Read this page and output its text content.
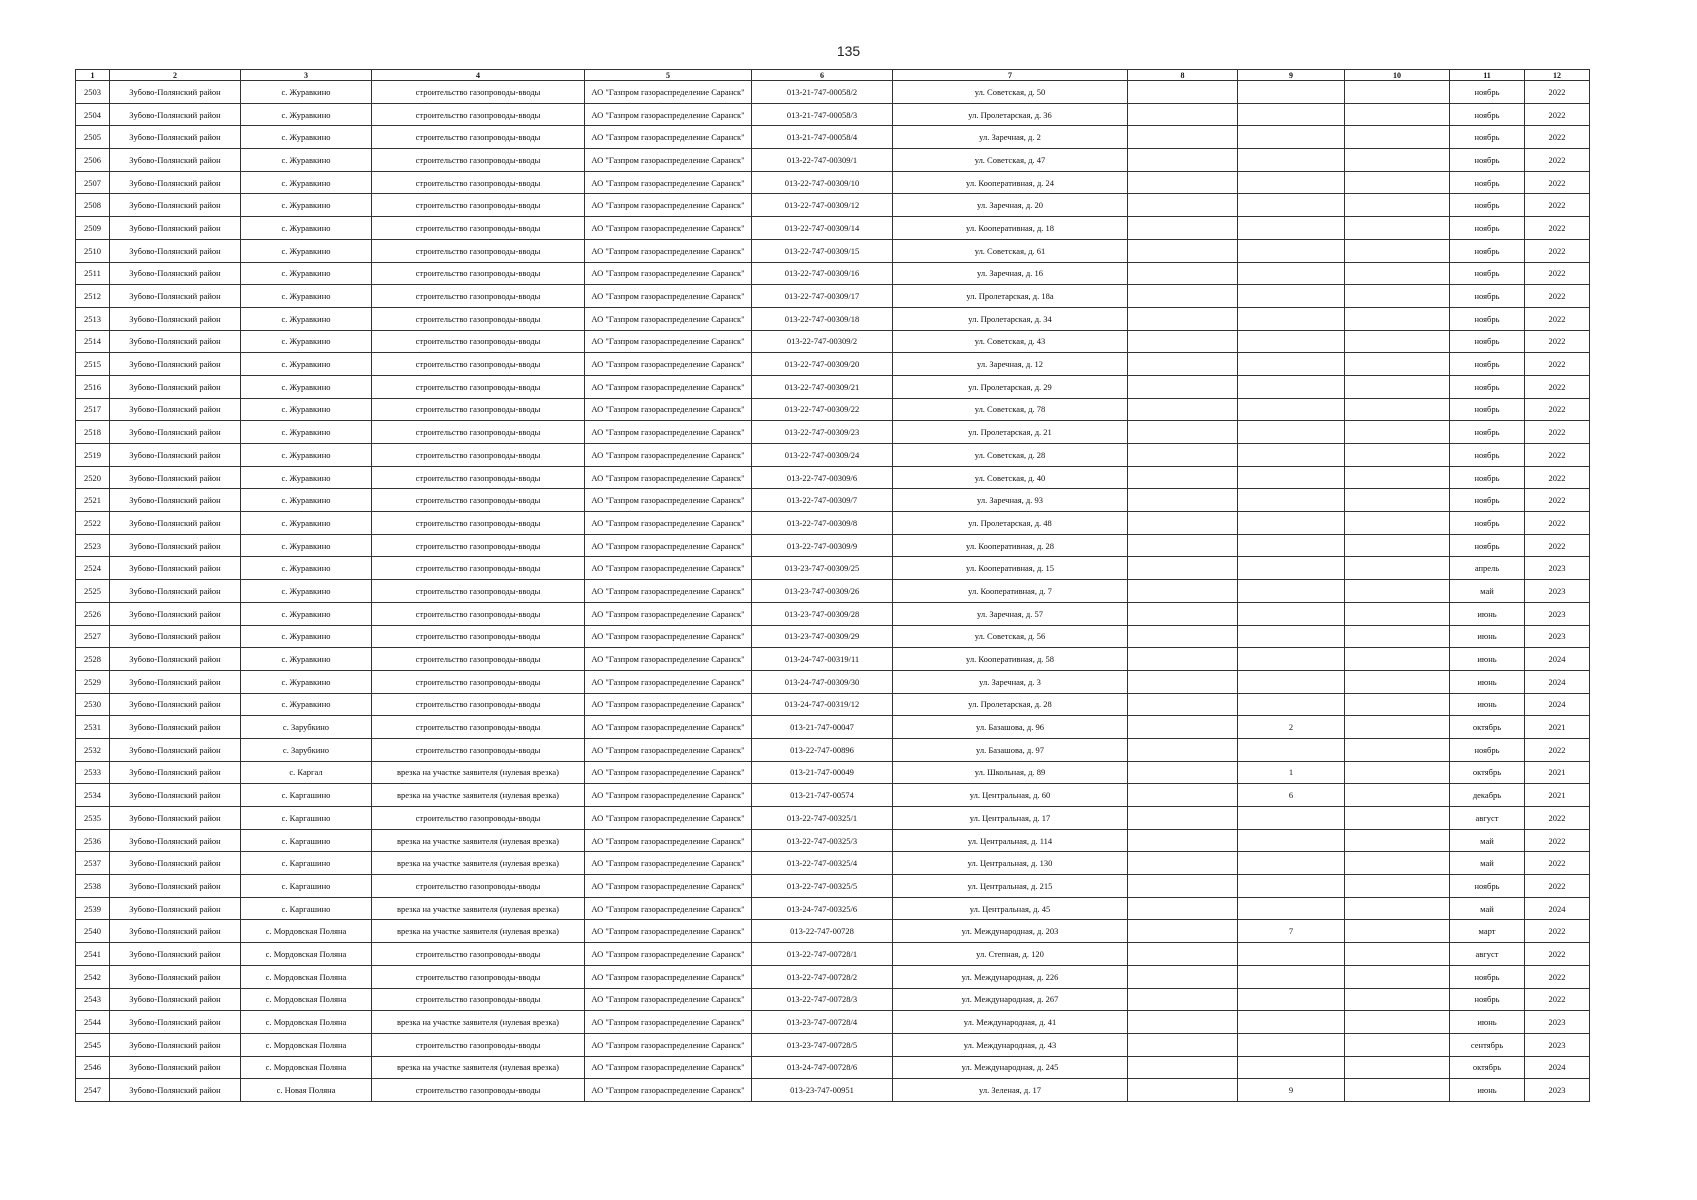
135
1	2	3	4	5	6	7	8	9	10	11	12
2503	Зубово-Полянский район	с. Журавкино	строительство газопроводы-вводы	АО "Газпром газораспределение Саранск"	013-21-747-00058/2	ул. Советская, д. 50				ноябрь	2022
2504	Зубово-Полянский район	с. Журавкино	строительство газопроводы-вводы	АО "Газпром газораспределение Саранск"	013-21-747-00058/3	ул. Пролетарская, д. 36				ноябрь	2022
2505	Зубово-Полянский район	с. Журавкино	строительство газопроводы-вводы	АО "Газпром газораспределение Саранск"	013-21-747-00058/4	ул. Заречная, д. 2				ноябрь	2022
2506	Зубово-Полянский район	с. Журавкино	строительство газопроводы-вводы	АО "Газпром газораспределение Саранск"	013-22-747-00309/1	ул. Советская, д. 47				ноябрь	2022
2507	Зубово-Полянский район	с. Журавкино	строительство газопроводы-вводы	АО "Газпром газораспределение Саранск"	013-22-747-00309/10	ул. Кооперативная, д. 24				ноябрь	2022
2508	Зубово-Полянский район	с. Журавкино	строительство газопроводы-вводы	АО "Газпром газораспределение Саранск"	013-22-747-00309/12	ул. Заречная, д. 20				ноябрь	2022
2509	Зубово-Полянский район	с. Журавкино	строительство газопроводы-вводы	АО "Газпром газораспределение Саранск"	013-22-747-00309/14	ул. Кооперативная, д. 18				ноябрь	2022
2510	Зубово-Полянский район	с. Журавкино	строительство газопроводы-вводы	АО "Газпром газораспределение Саранск"	013-22-747-00309/15	ул. Советская, д. 61				ноябрь	2022
2511	Зубово-Полянский район	с. Журавкино	строительство газопроводы-вводы	АО "Газпром газораспределение Саранск"	013-22-747-00309/16	ул. Заречная, д. 16				ноябрь	2022
2512	Зубово-Полянский район	с. Журавкино	строительство газопроводы-вводы	АО "Газпром газораспределение Саранск"	013-22-747-00309/17	ул. Пролетарская, д. 18а				ноябрь	2022
2513	Зубово-Полянский район	с. Журавкино	строительство газопроводы-вводы	АО "Газпром газораспределение Саранск"	013-22-747-00309/18	ул. Пролетарская, д. 34				ноябрь	2022
2514	Зубово-Полянский район	с. Журавкино	строительство газопроводы-вводы	АО "Газпром газораспределение Саранск"	013-22-747-00309/2	ул. Советская, д. 43				ноябрь	2022
2515	Зубово-Полянский район	с. Журавкино	строительство газопроводы-вводы	АО "Газпром газораспределение Саранск"	013-22-747-00309/20	ул. Заречная, д. 12				ноябрь	2022
2516	Зубово-Полянский район	с. Журавкино	строительство газопроводы-вводы	АО "Газпром газораспределение Саранск"	013-22-747-00309/21	ул. Пролетарская, д. 29				ноябрь	2022
2517	Зубово-Полянский район	с. Журавкино	строительство газопроводы-вводы	АО "Газпром газораспределение Саранск"	013-22-747-00309/22	ул. Советская, д. 78				ноябрь	2022
2518	Зубово-Полянский район	с. Журавкино	строительство газопроводы-вводы	АО "Газпром газораспределение Саранск"	013-22-747-00309/23	ул. Пролетарская, д. 21				ноябрь	2022
2519	Зубово-Полянский район	с. Журавкино	строительство газопроводы-вводы	АО "Газпром газораспределение Саранск"	013-22-747-00309/24	ул. Советская, д. 28				ноябрь	2022
2520	Зубово-Полянский район	с. Журавкино	строительство газопроводы-вводы	АО "Газпром газораспределение Саранск"	013-22-747-00309/6	ул. Советская, д. 40				ноябрь	2022
2521	Зубово-Полянский район	с. Журавкино	строительство газопроводы-вводы	АО "Газпром газораспределение Саранск"	013-22-747-00309/7	ул. Заречная, д. 93				ноябрь	2022
2522	Зубово-Полянский район	с. Журавкино	строительство газопроводы-вводы	АО "Газпром газораспределение Саранск"	013-22-747-00309/8	ул. Пролетарская, д. 48				ноябрь	2022
2523	Зубово-Полянский район	с. Журавкино	строительство газопроводы-вводы	АО "Газпром газораспределение Саранск"	013-22-747-00309/9	ул. Кооперативная, д. 28				ноябрь	2022
2524	Зубово-Полянский район	с. Журавкино	строительство газопроводы-вводы	АО "Газпром газораспределение Саранск"	013-23-747-00309/25	ул. Кооперативная, д. 15				апрель	2023
2525	Зубово-Полянский район	с. Журавкино	строительство газопроводы-вводы	АО "Газпром газораспределение Саранск"	013-23-747-00309/26	ул. Кооперативная, д. 7				май	2023
2526	Зубово-Полянский район	с. Журавкино	строительство газопроводы-вводы	АО "Газпром газораспределение Саранск"	013-23-747-00309/28	ул. Заречная, д. 57				июнь	2023
2527	Зубово-Полянский район	с. Журавкино	строительство газопроводы-вводы	АО "Газпром газораспределение Саранск"	013-23-747-00309/29	ул. Советская, д. 56				июнь	2023
2528	Зубово-Полянский район	с. Журавкино	строительство газопроводы-вводы	АО "Газпром газораспределение Саранск"	013-24-747-00319/11	ул. Кооперативная, д. 58				июнь	2024
2529	Зубово-Полянский район	с. Журавкино	строительство газопроводы-вводы	АО "Газпром газораспределение Саранск"	013-24-747-00309/30	ул. Заречная, д. 3				июнь	2024
2530	Зубово-Полянский район	с. Журавкино	строительство газопроводы-вводы	АО "Газпром газораспределение Саранск"	013-24-747-00319/12	ул. Пролетарская, д. 28				июнь	2024
2531	Зубово-Полянский район	с. Зарубкино	строительство газопроводы-вводы	АО "Газпром газораспределение Саранск"	013-21-747-00047	ул. Базашова, д. 96		2		октябрь	2021
2532	Зубово-Полянский район	с. Зарубкино	строительство газопроводы-вводы	АО "Газпром газораспределение Саранск"	013-22-747-00896	ул. Базашова, д. 97				ноябрь	2022
2533	Зубово-Полянский район	с. Каргал	врезка на участке заявителя (нулевая врезка)	АО "Газпром газораспределение Саранск"	013-21-747-00049	ул. Школьная, д. 89		1		октябрь	2021
2534	Зубово-Полянский район	с. Каргашино	врезка на участке заявителя (нулевая врезка)	АО "Газпром газораспределение Саранск"	013-21-747-00574	ул. Центральная, д. 60		6		декабрь	2021
2535	Зубово-Полянский район	с. Каргашино	строительство газопроводы-вводы	АО "Газпром газораспределение Саранск"	013-22-747-00325/1	ул. Центральная, д. 17				август	2022
2536	Зубово-Полянский район	с. Каргашино	врезка на участке заявителя (нулевая врезка)	АО "Газпром газораспределение Саранск"	013-22-747-00325/3	ул. Центральная, д. 114				май	2022
2537	Зубово-Полянский район	с. Каргашино	врезка на участке заявителя (нулевая врезка)	АО "Газпром газораспределение Саранск"	013-22-747-00325/4	ул. Центральная, д. 130				май	2022
2538	Зубово-Полянский район	с. Каргашино	строительство газопроводы-вводы	АО "Газпром газораспределение Саранск"	013-22-747-00325/5	ул. Центральная, д. 215				ноябрь	2022
2539	Зубово-Полянский район	с. Каргашино	врезка на участке заявителя (нулевая врезка)	АО "Газпром газораспределение Саранск"	013-24-747-00325/6	ул. Центральная, д. 45				май	2024
2540	Зубово-Полянский район	с. Мордовская Поляна	врезка на участке заявителя (нулевая врезка)	АО "Газпром газораспределение Саранск"	013-22-747-00728	ул. Международная, д. 203		7		март	2022
2541	Зубово-Полянский район	с. Мордовская Поляна	строительство газопроводы-вводы	АО "Газпром газораспределение Саранск"	013-22-747-00728/1	ул. Степная, д. 120				август	2022
2542	Зубово-Полянский район	с. Мордовская Поляна	строительство газопроводы-вводы	АО "Газпром газораспределение Саранск"	013-22-747-00728/2	ул. Международная, д. 226				ноябрь	2022
2543	Зубово-Полянский район	с. Мордовская Поляна	строительство газопроводы-вводы	АО "Газпром газораспределение Саранск"	013-22-747-00728/3	ул. Международная, д. 267				ноябрь	2022
2544	Зубово-Полянский район	с. Мордовская Поляна	врезка на участке заявителя (нулевая врезка)	АО "Газпром газораспределение Саранск"	013-23-747-00728/4	ул. Международная, д. 41				июнь	2023
2545	Зубово-Полянский район	с. Мордовская Поляна	строительство газопроводы-вводы	АО "Газпром газораспределение Саранск"	013-23-747-00728/5	ул. Международная, д. 43				сентябрь	2023
2546	Зубово-Полянский район	с. Мордовская Поляна	врезка на участке заявителя (нулевая врезка)	АО "Газпром газораспределение Саранск"	013-24-747-00728/6	ул. Международная, д. 245				октябрь	2024
2547	Зубово-Полянский район	с. Новая Поляна	строительство газопроводы-вводы	АО "Газпром газораспределение Саранск"	013-23-747-00951	ул. Зеленая, д. 17		9		июнь	2023
